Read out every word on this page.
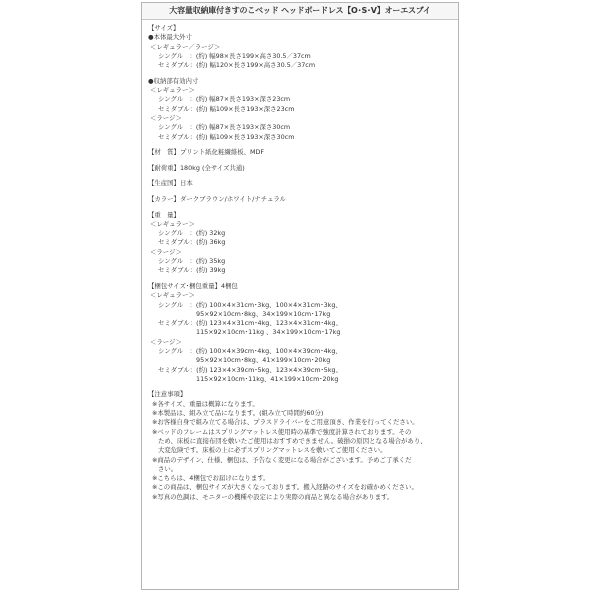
大容量収納庫付きすのこベッド ヘッドボードレス【O･S･V】オーエスブイ
【サイズ】
●本体最大外寸
＜レギュラー／ラージ＞
シングル　：(約) 幅98×長さ199×高さ30.5／37cm
セミダブル：(約) 幅120×長さ199×高さ30.5／37cm
●収納部有効内寸
＜レギュラー＞
シングル　：(約) 幅87×長さ193×深さ23cm
セミダブル：(約) 幅109×長さ193×深さ23cm
＜ラージ＞
シングル　：(約) 幅87×長さ193×深さ30cm
セミダブル：(約) 幅109×長さ193×深さ30cm
【材　質】プリント紙化粧繊維板、MDF
【耐荷重】180kg (全サイズ共通)
【生産国】日本
【カラー】ダークブラウン/ホワイト/ナチュラル
【重　量】
＜レギュラー＞
シングル　：(約) 32kg
セミダブル：(約) 36kg
＜ラージ＞
シングル　：(約) 35kg
セミダブル：(約) 39kg
【梱包サイズ･梱包重量】4梱包
＜レギュラー＞
シングル　：(約) 100×4×31cm･3kg、100×4×31cm･3kg、
95×92×10cm･8kg、34×199×10cm･17kg
セミダブル：(約) 123×4×31cm･4kg、123×4×31cm･4kg、
115×92×10cm･11kg 、34×199×10cm･17kg
＜ラージ＞
シングル　：(約) 100×4×39cm･4kg、100×4×39cm･4kg、
95×92×10cm･8kg、41×199×10cm･20kg
セミダブル：(約) 123×4×39cm･5kg、123×4×39cm･5kg、
115×92×10cm･11kg、41×199×10cm･20kg
【注意事項】
※各サイズ、重量は概算になります。
※本製品は、組み立て品になります。(組み立て時間約60分)
※お客様自身で組み立てる場合は、プラスドライバーをご用意頂き、作業を行ってください。
※ベッドのフレームはスプリングマットレス使用時の基準で強度計算されております。その
ため、床板に直接布団を敷いたご使用はおすすめできません。破損の原因となる場合があり、
大変危険です。床板の上に必ずスプリングマットレスを敷いてご使用ください。
※商品のデザイン、仕様、梱包は、予告なく変更になる場合がございます。予めご了承くだ
さい。
※こちらは、4梱包でお届けになります。
※この商品は、梱包サイズが大きくなっております。搬入経路のサイズをお確かめください。
※写真の色調は、モニターの機種や設定により実際の商品と異なる場合があります。
